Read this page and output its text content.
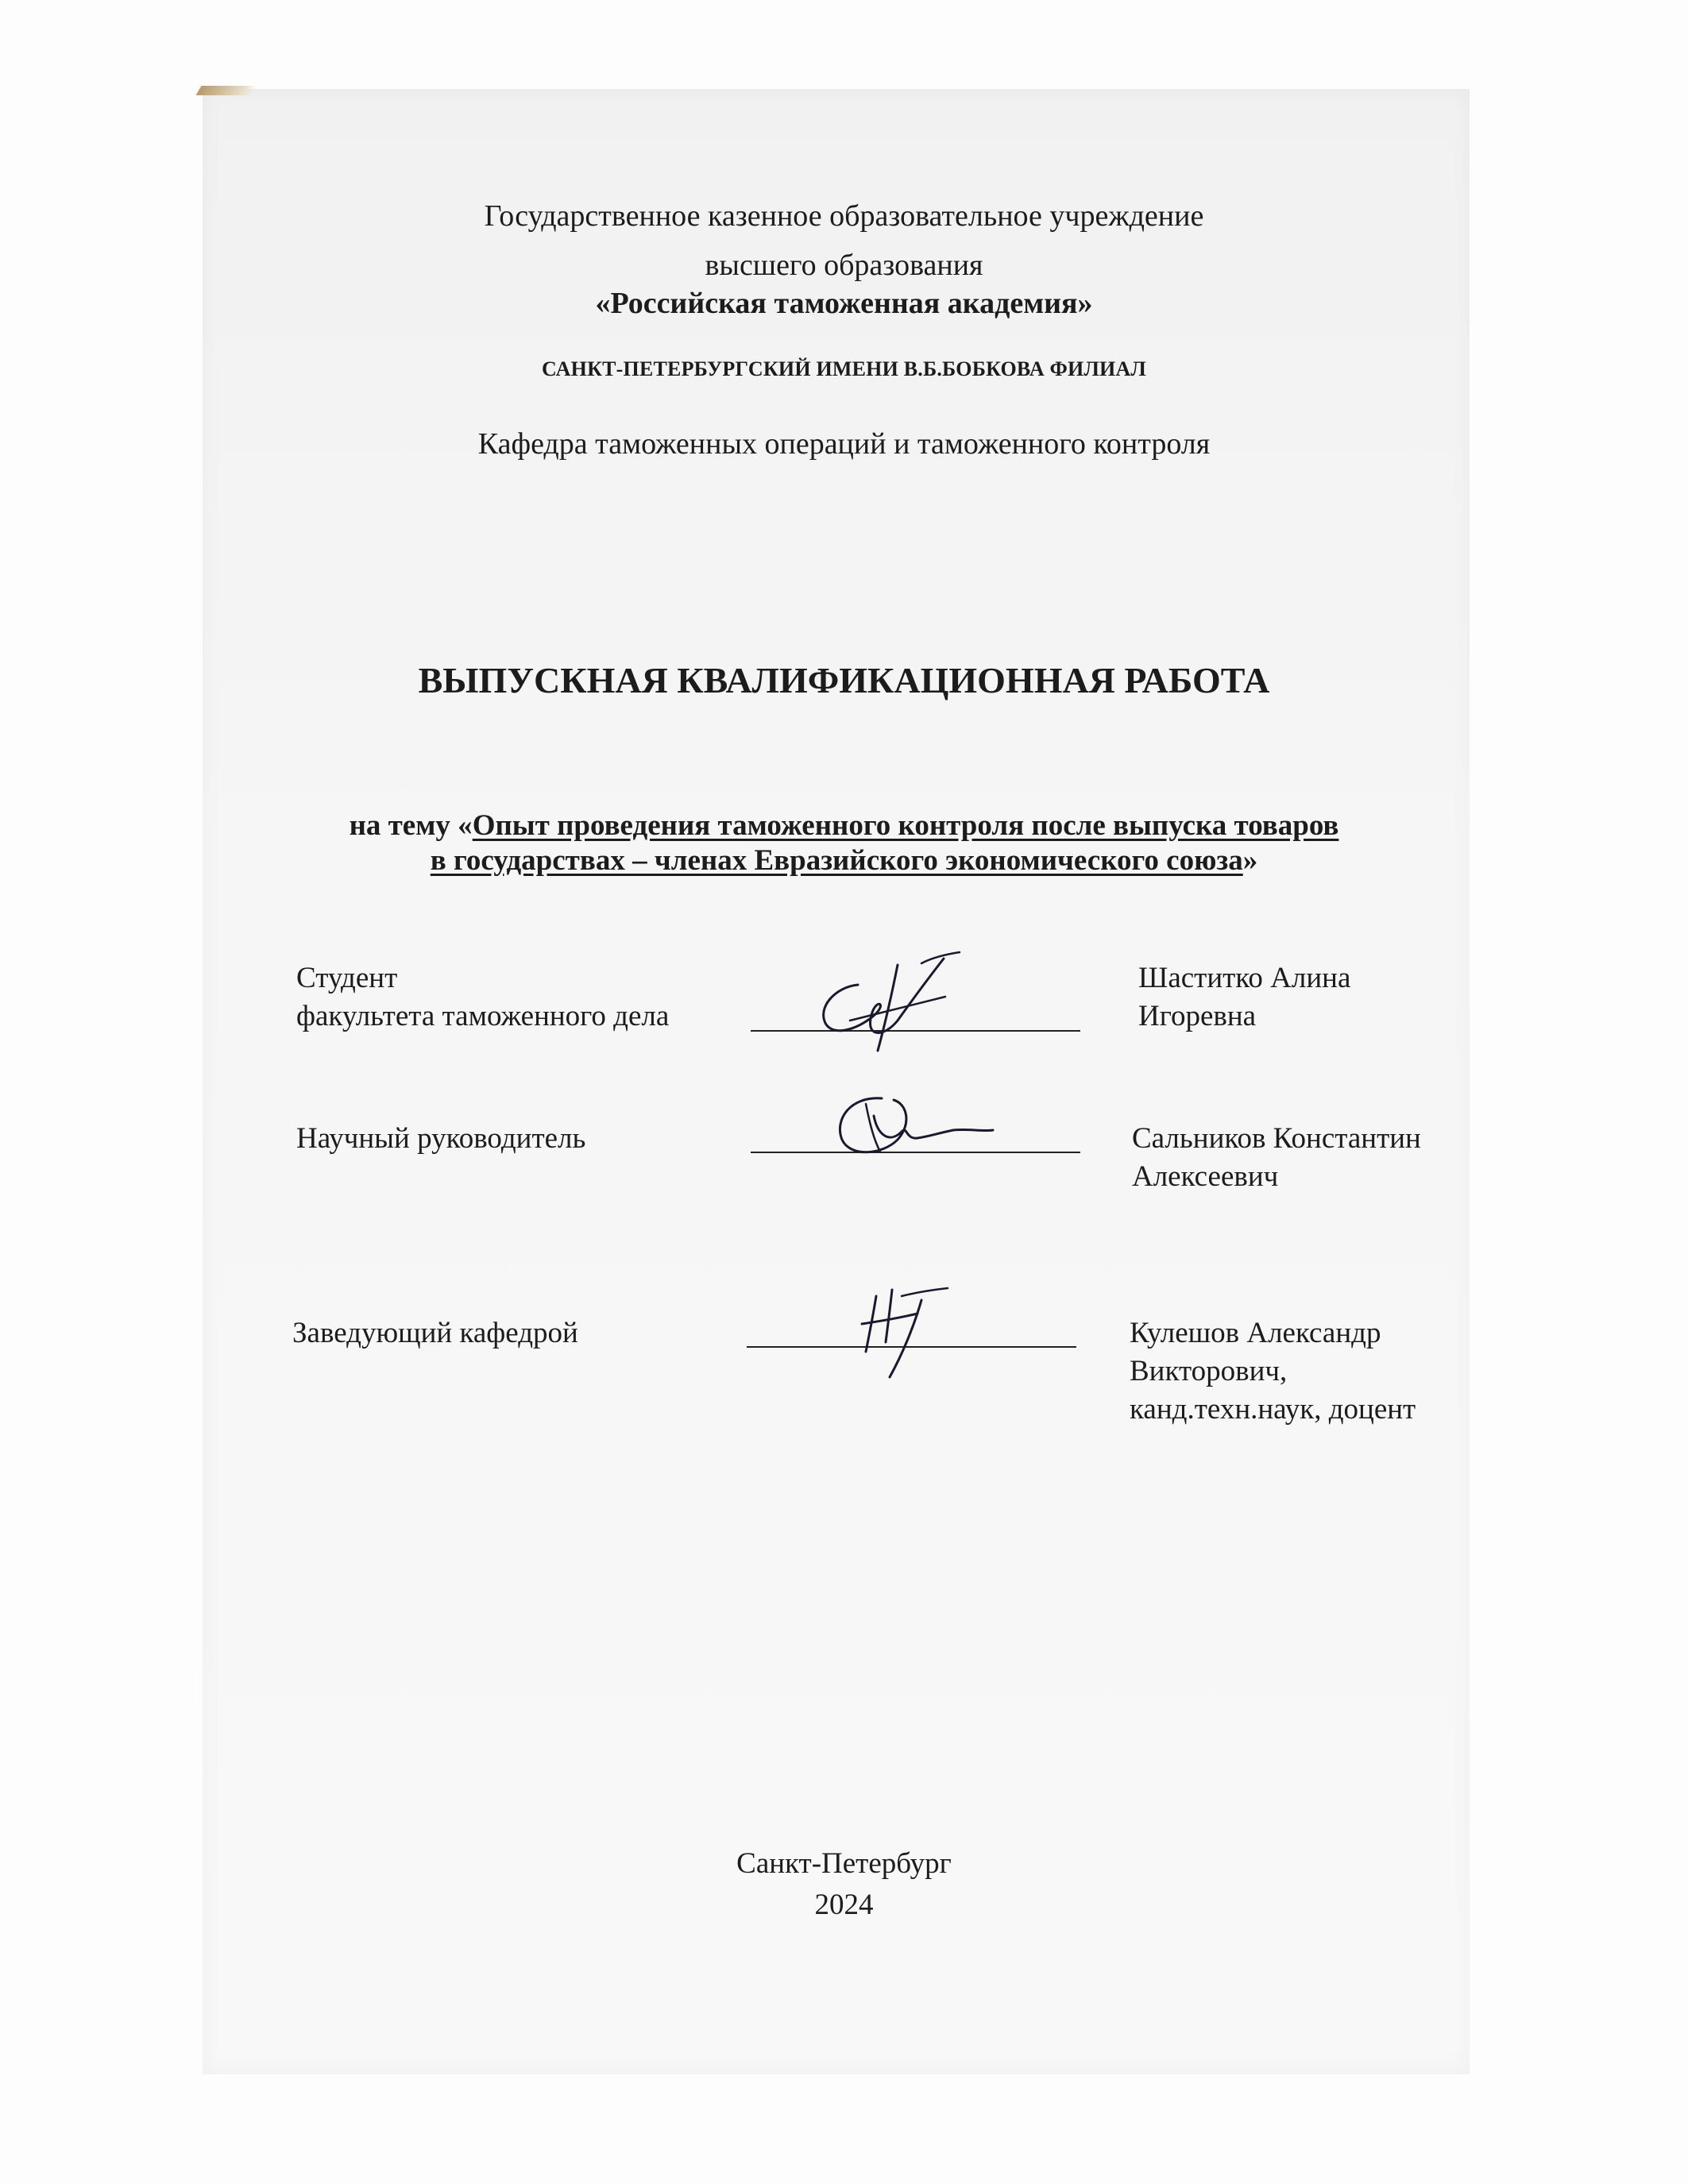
Государственное казенное образовательное учреждение
высшего образования
«Российская таможенная академия»
САНКТ-ПЕТЕРБУРГСКИЙ ИМЕНИ В.Б.БОБКОВА ФИЛИАЛ
Кафедра таможенных операций и таможенного контроля
ВЫПУСКНАЯ КВАЛИФИКАЦИОННАЯ РАБОТА
на тему «Опыт проведения таможенного контроля после выпуска товаров
в государствах – членах Евразийского экономического союза»
Студент
факультета таможенного дела
Шаститко Алина
Игоревна
Научный руководитель	Сальников Константин
Алексеевич
Заведующий кафедрой	Кулешов Александр
Викторович,
канд.техн.наук, доцент
Санкт-Петербург
2024
